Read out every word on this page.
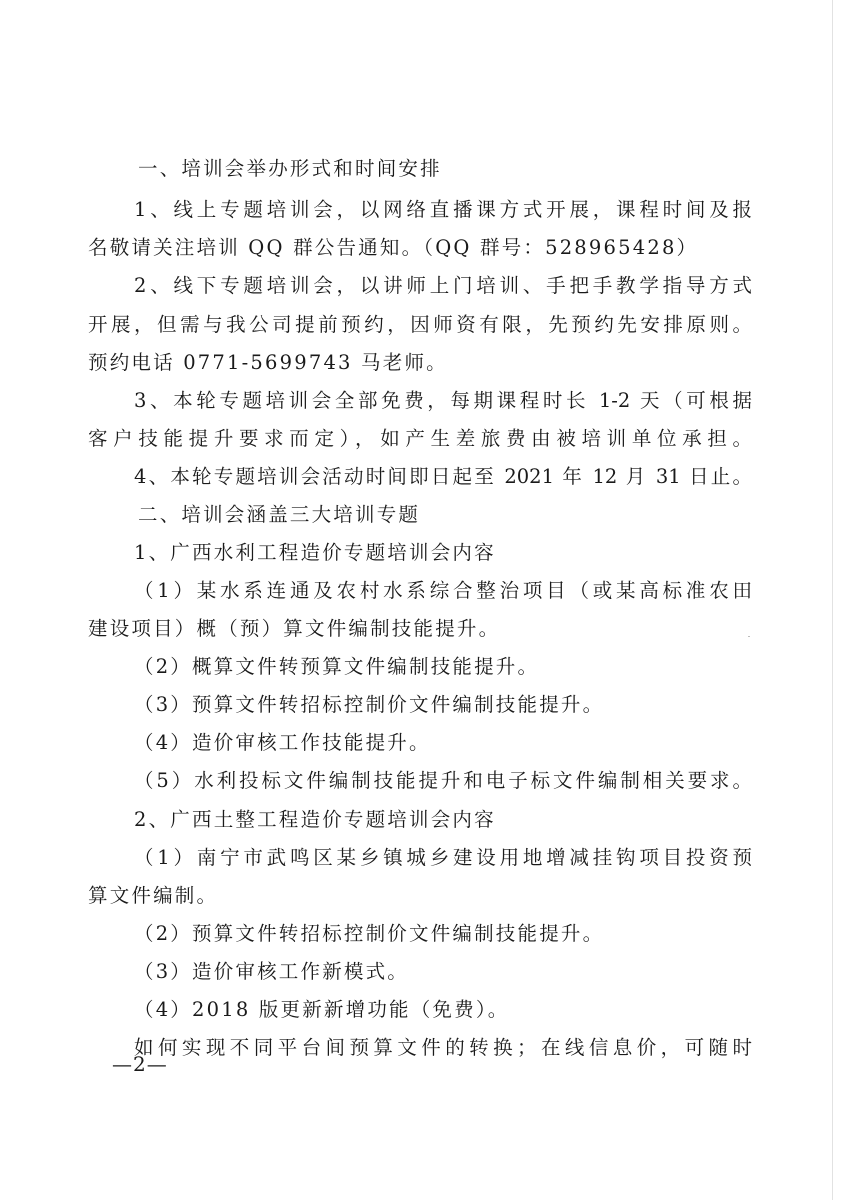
一、培训会举办形式和时间安排
1、线上专题培训会，以网络直播课方式开展，课程时间及报
名敬请关注培训 QQ 群公告通知。（QQ 群号：528965428）
2、线下专题培训会，以讲师上门培训、手把手教学指导方式
开展，但需与我公司提前预约，因师资有限，先预约先安排原则。
预约电话 0771-5699743 马老师。
3、本轮专题培训会全部免费，每期课程时长 1-2 天（可根据
客户技能提升要求而定），如产生差旅费由被培训单位承担。
4、本轮专题培训会活动时间即日起至 2021 年 12 月 31 日止。
二、培训会涵盖三大培训专题
1、广西水利工程造价专题培训会内容
（1）某水系连通及农村水系综合整治项目（或某高标准农田
建设项目）概（预）算文件编制技能提升。
（2）概算文件转预算文件编制技能提升。
（3）预算文件转招标控制价文件编制技能提升。
（4）造价审核工作技能提升。
（5）水利投标文件编制技能提升和电子标文件编制相关要求。
2、广西土整工程造价专题培训会内容
（1）南宁市武鸣区某乡镇城乡建设用地增减挂钩项目投资预
算文件编制。
（2）预算文件转招标控制价文件编制技能提升。
（3）造价审核工作新模式。
（4）2018 版更新新增功能（免费）。
如何实现不同平台间预算文件的转换；在线信息价，可随时
—2—
